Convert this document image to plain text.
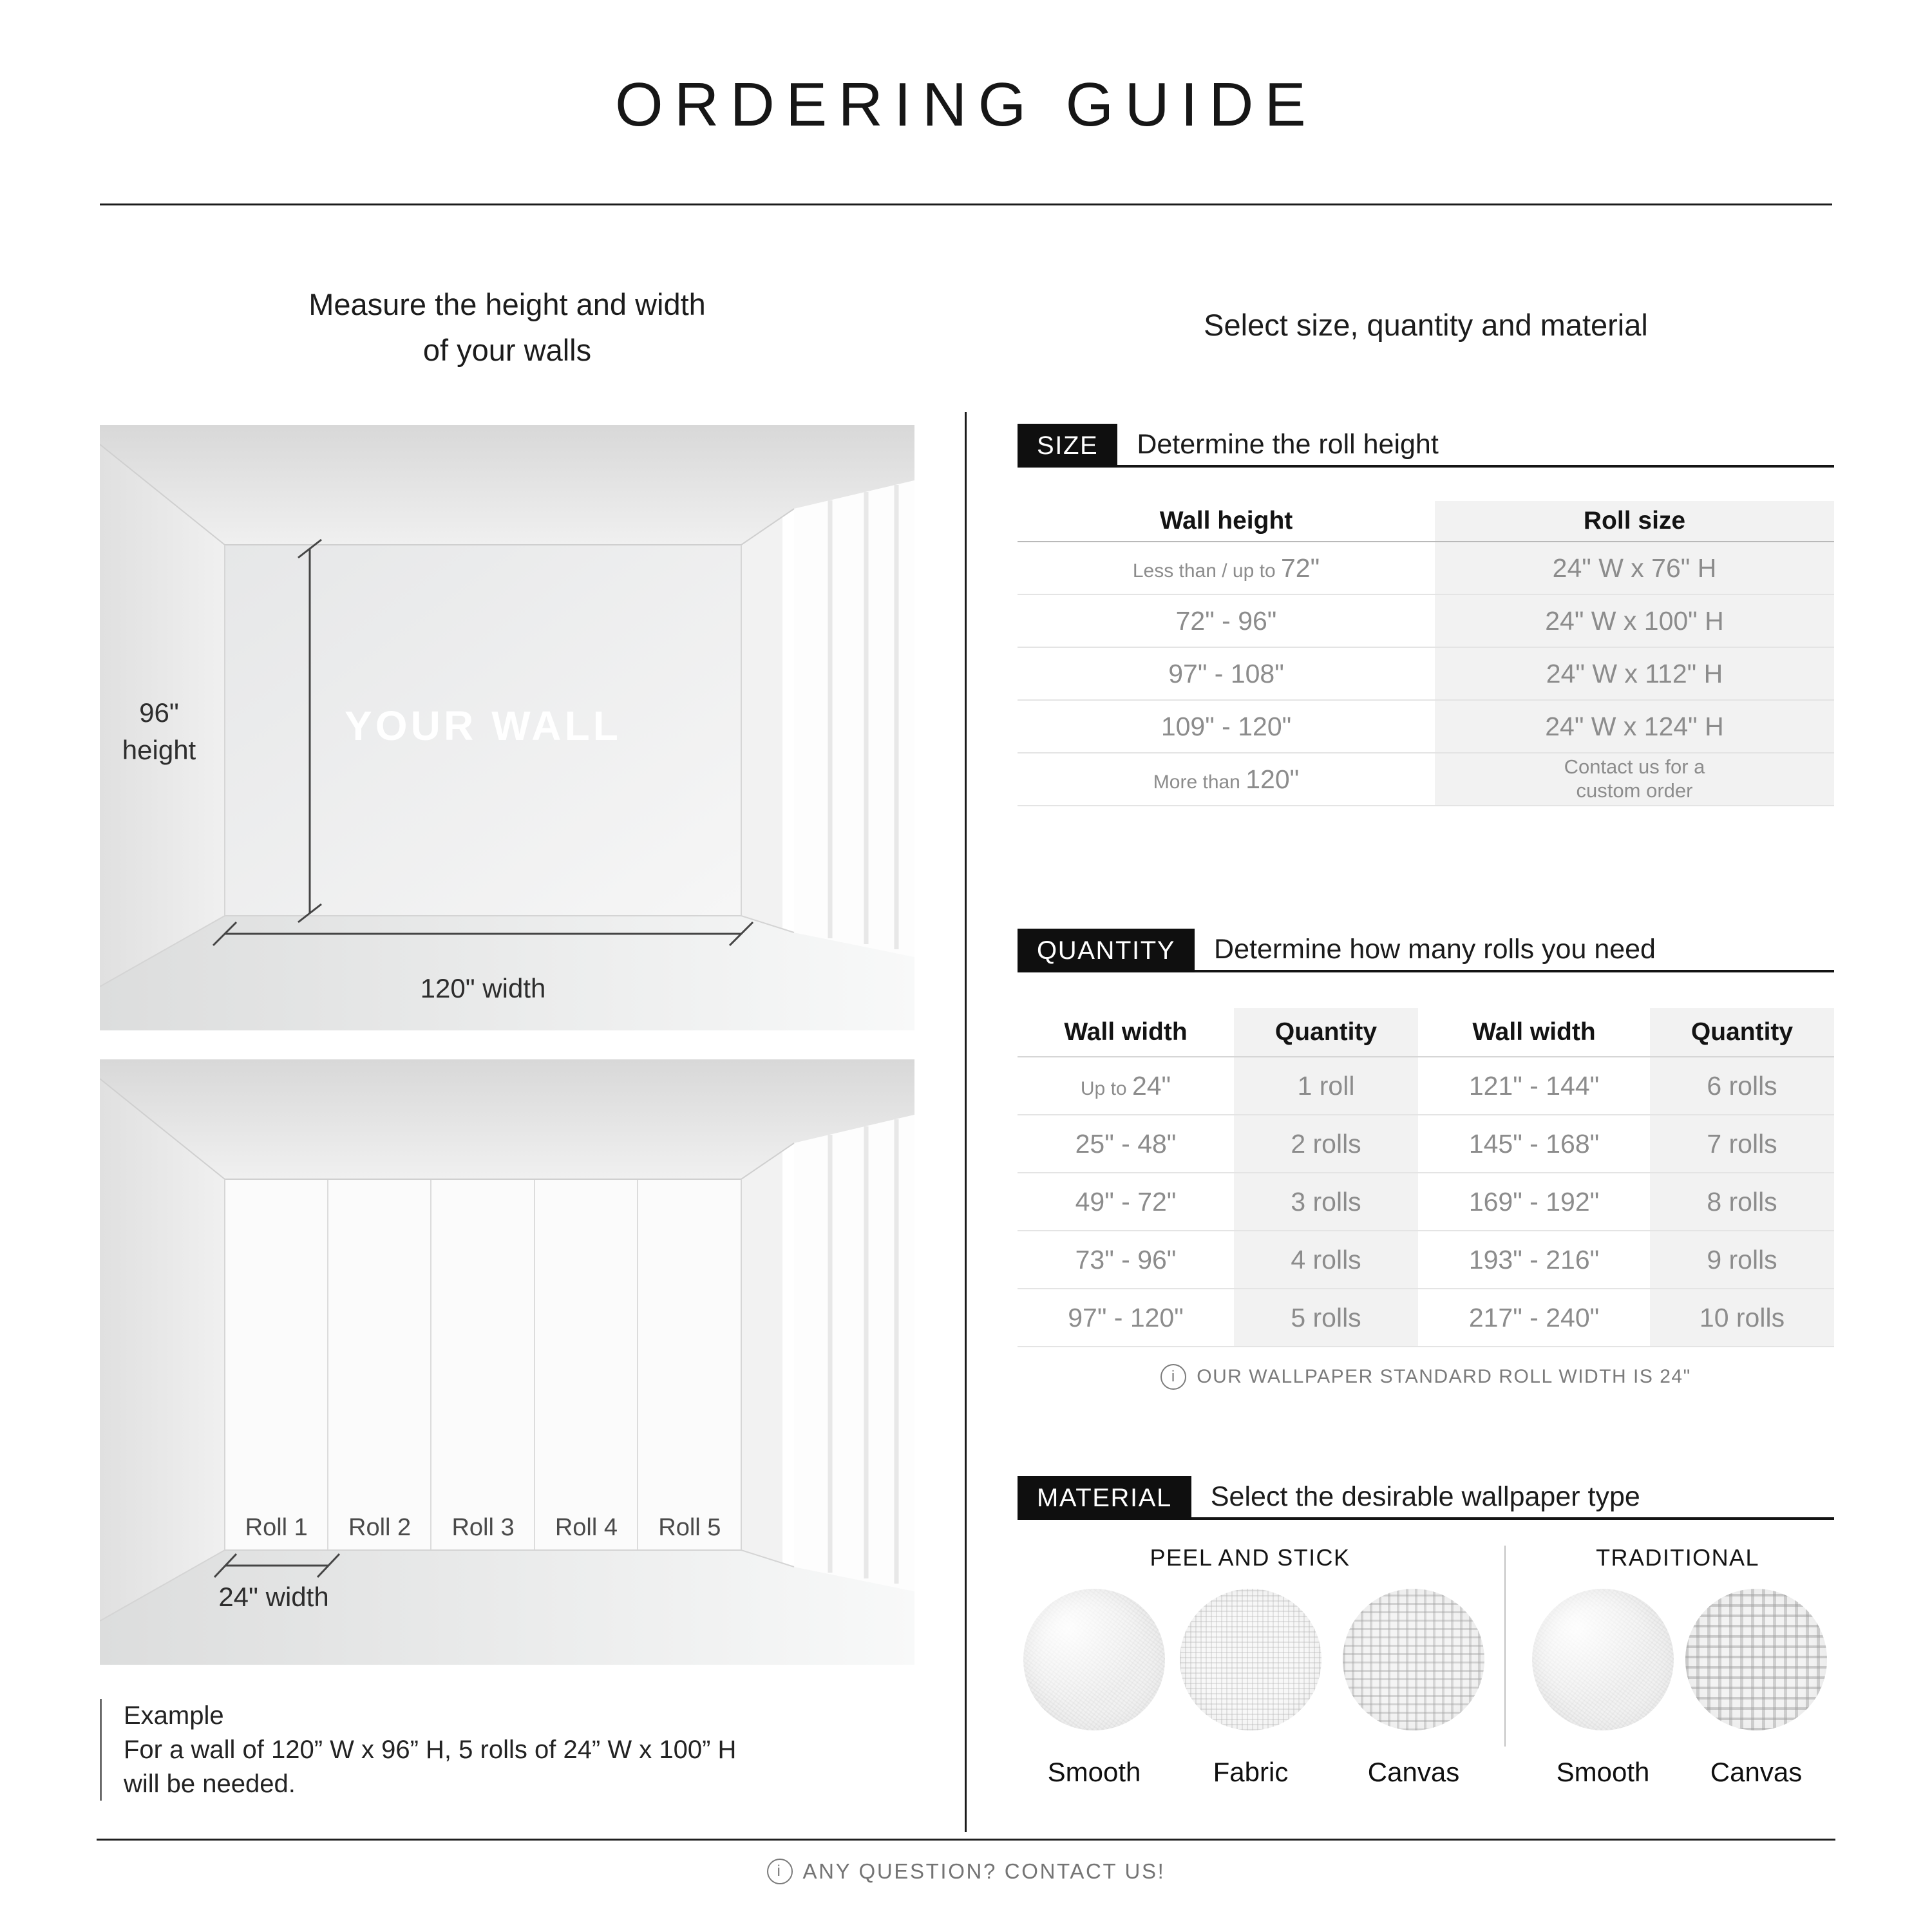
ORDERING GUIDE
Measure the height and width
of your walls
YOUR WALL
96"
height
120" width
Roll 1	Roll 2	Roll 3	Roll 4	Roll 5
24" width
Example
For a wall of 120” W x 96” H, 5 rolls of 24” W x 100” H
will be needed.
Select size, quantity and material
SIZE	Determine the roll height
Wall height	Roll size
Less than / up to 72"	24" W x 76" H
72" - 96"	24" W x 100" H
97" - 108"	24" W x 112" H
109" - 120"	24" W x 124" H
More than 120"	Contact us for a
custom order
QUANTITY	Determine how many rolls you need
Wall width	Quantity	Wall width	Quantity
Up to 24"	1 roll	121" - 144"	6 rolls
25" - 48"	2 rolls	145" - 168"	7 rolls
49" - 72"	3 rolls	169" - 192"	8 rolls
73" - 96"	4 rolls	193" - 216"	9 rolls
97" - 120"	5 rolls	217" - 240"	10 rolls
i	OUR WALLPAPER STANDARD ROLL WIDTH IS 24"
MATERIAL	Select the desirable wallpaper type
PEEL AND STICK	TRADITIONAL
Smooth	Fabric	Canvas	Smooth	Canvas
i ANY QUESTION? CONTACT US!
